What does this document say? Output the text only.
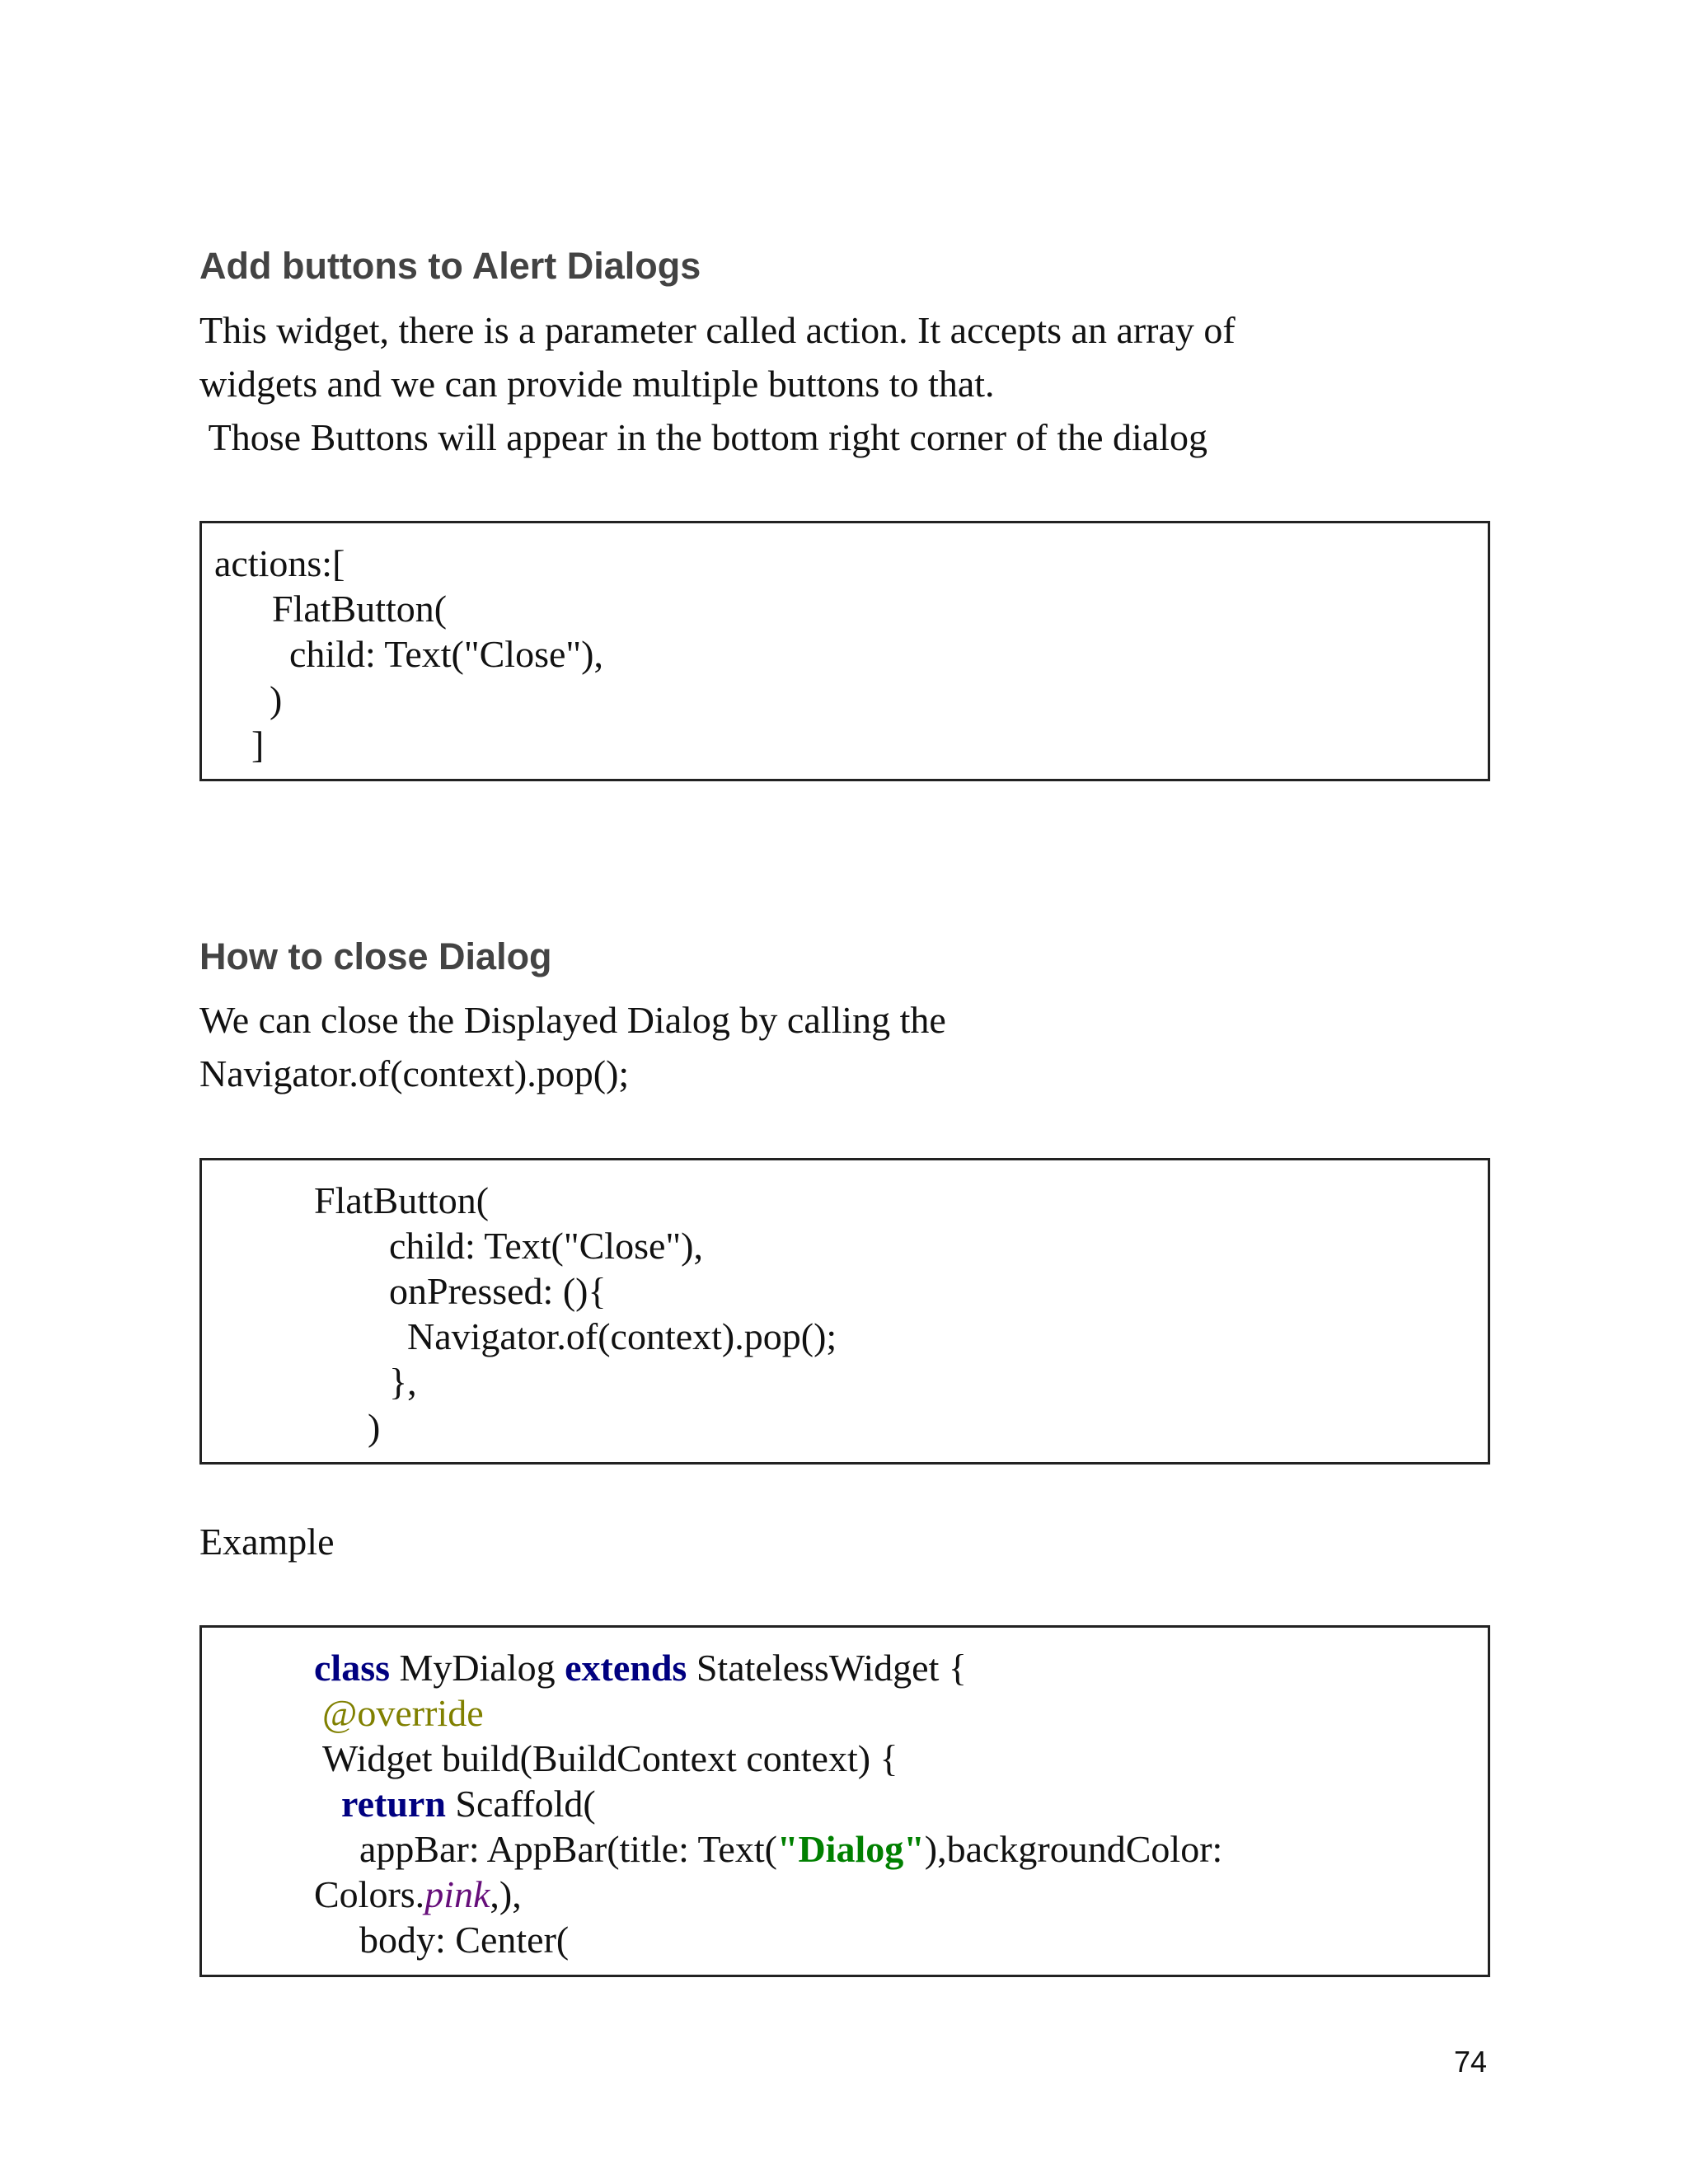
Add buttons to Alert Dialogs
This widget, there is a parameter called action. It accepts an array of
widgets and we can provide multiple buttons to that.
Those Buttons will appear in the bottom right corner of the dialog
actions:[
FlatButton(
child: Text("Close"),
)
]
How to close Dialog
We can close the Displayed Dialog by calling the
Navigator.of(context).pop();
FlatButton(
child: Text("Close"),
onPressed: (){
Navigator.of(context).pop();
},
)
Example
class MyDialog extends StatelessWidget {
@override
Widget build(BuildContext context) {
return Scaffold(
appBar: AppBar(title: Text("Dialog"),backgroundColor:
Colors.pink,),
body: Center(
74
